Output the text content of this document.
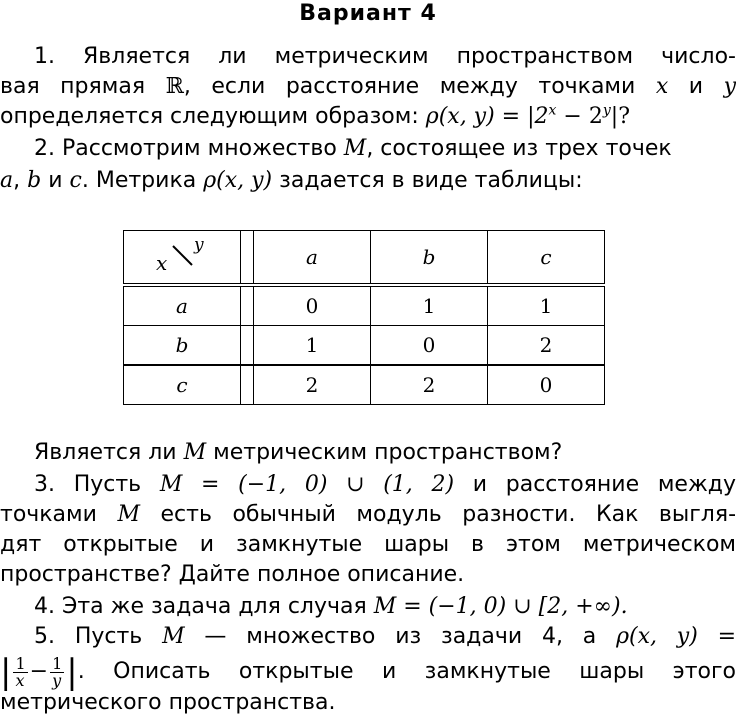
Вариант 4
1. Является ли метрическим пространством число-
вая прямая ℝ, если расстояние между точками x и y
определяется следующим образом: ρ(x, $y) = |2^x - 2^y|$?
2. Рассмотрим множество M, состоящее из трех точек
a, b и c. Метрика ρ(x, y) задается в виде таблицы:
x
y		a	b	c
a		0	1	1
b		1	0	2
c		2	2	0
Является ли M метрическим пространством?
3. Пусть M = (−1, 0) ∪ (1, 2) и расстояние между
точками M есть обычный модуль разности. Как выгля-
дят открытые и замкнутые шары в этом метрическом
пространстве? Дайте полное описание.
4. Эта же задача для случая M = (−1, 0) ∪ [2, +∞).
5. Пусть M — множество из задачи 4, а ρ(x, y) =
| $\frac{1}{x} - \frac{1}{y}$ |. Описать открытые и замкнутые шары этого
метрического пространства.
